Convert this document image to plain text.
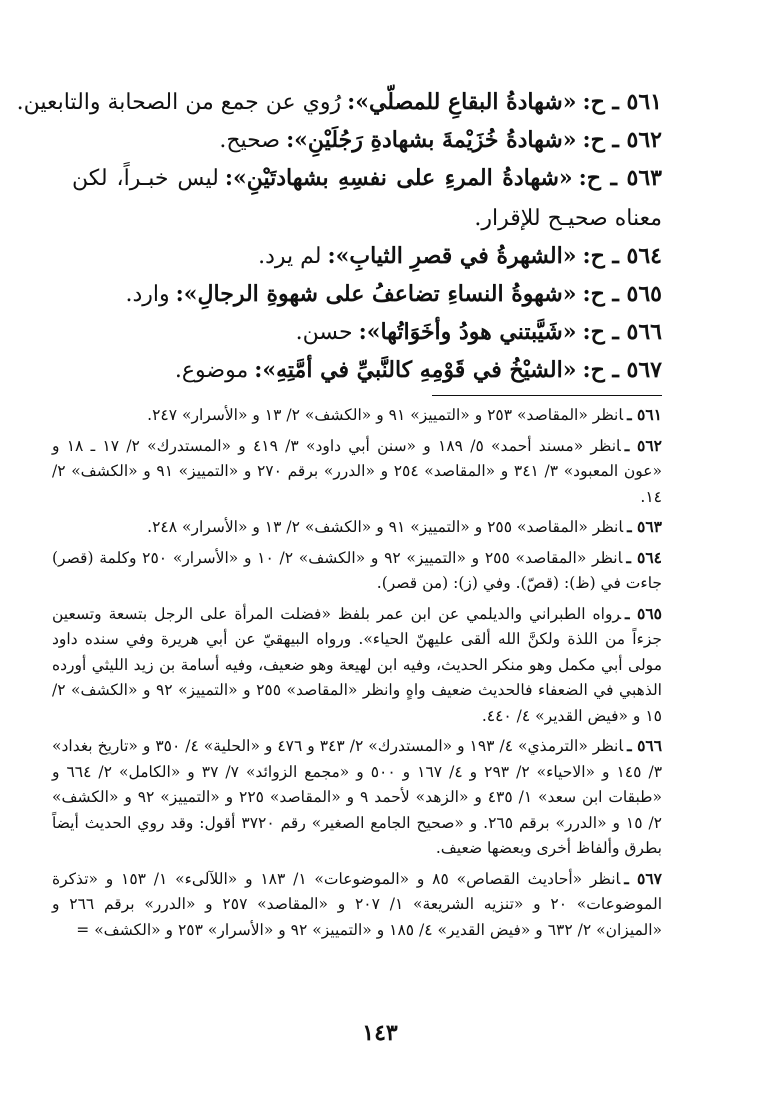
٥٦١ ـ ح:«شهادةُ البقاعِ للمصلّي»:رُوي عن جمع من الصحابة والتابعين.

٥٦٢ ـ ح:«شهادةُ خُزَيْمةَ بشهادةِ رَجُلَيْنِ»:صحيح.

٥٦٣ ـ ح:«شهادةُ المرءِ على نفسِهِ بشهادتَيْنِ»:ليس خبـراً، لكن معناه صحيـح للإقرار.

٥٦٤ ـ ح:«الشهرةُ في قصرِ الثيابِ»:لم يرد.

٥٦٥ ـ ح:«شهوةُ النساءِ تضاعفُ على شهوةِ الرجالِ»:وارد.

٥٦٦ ـ ح:«شَيَّبتني هودُ وأخَوَاتُها»:حسن.

٥٦٧ ـ ح:«الشيْخُ في قَوْمِهِ كالنَّبيِّ في أمَّتِهِ»:موضوع.

٥٦١ ـانظر «المقاصد» ٢٥٣ و «التمييز» ٩١ و «الكشف» ٢/ ١٣ و «الأسرار» ٢٤٧.

٥٦٢ ـانظر «مسند أحمد» ٥/ ١٨٩ و «سنن أبي داود» ٣/ ٤١٩ و «المستدرك» ٢/ ١٧ ـ ١٨ و «عون المعبود» ٣/ ٣٤١ و «المقاصد» ٢٥٤ و «الدرر» برقم ٢٧٠ و «التمييز» ٩١ و «الكشف» ٢/ ١٤.

٥٦٣ ـانظر «المقاصد» ٢٥٥ و «التمييز» ٩١ و «الكشف» ٢/ ١٣ و «الأسرار» ٢٤٨.

٥٦٤ ـانظر «المقاصد» ٢٥٥ و «التمييز» ٩٢ و «الكشف» ٢/ ١٠ و «الأسرار» ٢٥٠ وكلمة (قصر) جاءت في (ظ): (قصّ). وفي (ز): (من قصر).

٥٦٥ ـرواه الطبراني والديلمي عن ابن عمر بلفظ «فضلت المرأة على الرجل بتسعة وتسعين جزءاً من اللذة ولكنَّ الله ألقى عليهنّ الحياء». ورواه البيهقيّ عن أبي هريرة وفي سنده داود مولى أبي مكمل وهو منكر الحديث، وفيه ابن لهيعة وهو ضعيف، وفيه أسامة بن زيد الليثي أورده الذهبي في الضعفاء فالحديث ضعيف واهٍ وانظر «المقاصد» ٢٥٥ و «التمييز» ٩٢ و «الكشف» ٢/ ١٥ و «فيض القدير» ٤/ ٤٤٠.

٥٦٦ ـانظر «الترمذي» ٤/ ١٩٣ و «المستدرك» ٢/ ٣٤٣ و ٤٧٦ و «الحلية» ٤/ ٣٥٠ و «تاريخ بغداد» ٣/ ١٤٥ و «الاحياء» ٢/ ٢٩٣ و ٤/ ١٦٧ و ٥٠٠ و «مجمع الزوائد» ٧/ ٣٧ و «الكامل» ٢/ ٦٦٤ و «طبقات ابن سعد» ١/ ٤٣٥ و «الزهد» لأحمد ٩ و «المقاصد» ٢٢٥ و «التمييز» ٩٢ و «الكشف» ٢/ ١٥ و «الدرر» برقم ٢٦٥. و «صحيح الجامع الصغير» رقم ٣٧٢٠ أقول: وقد روي الحديث أيضاً بطرق وألفاظ أخرى وبعضها ضعيف.

٥٦٧ ـانظر «أحاديث القصاص» ٨٥ و «الموضوعات» ١/ ١٨٣ و «اللآلىء» ١/ ١٥٣ و «تذكرة الموضوعات» ٢٠ و «تنزيه الشريعة» ١/ ٢٠٧ و «المقاصد» ٢٥٧ و «الدرر» برقم ٢٦٦ و «الميزان» ٢/ ٦٣٢ و «فيض القدير» ٤/ ١٨٥ و «التمييز» ٩٢ و «الأسرار» ٢٥٣ و «الكشف» =

١٤٣
